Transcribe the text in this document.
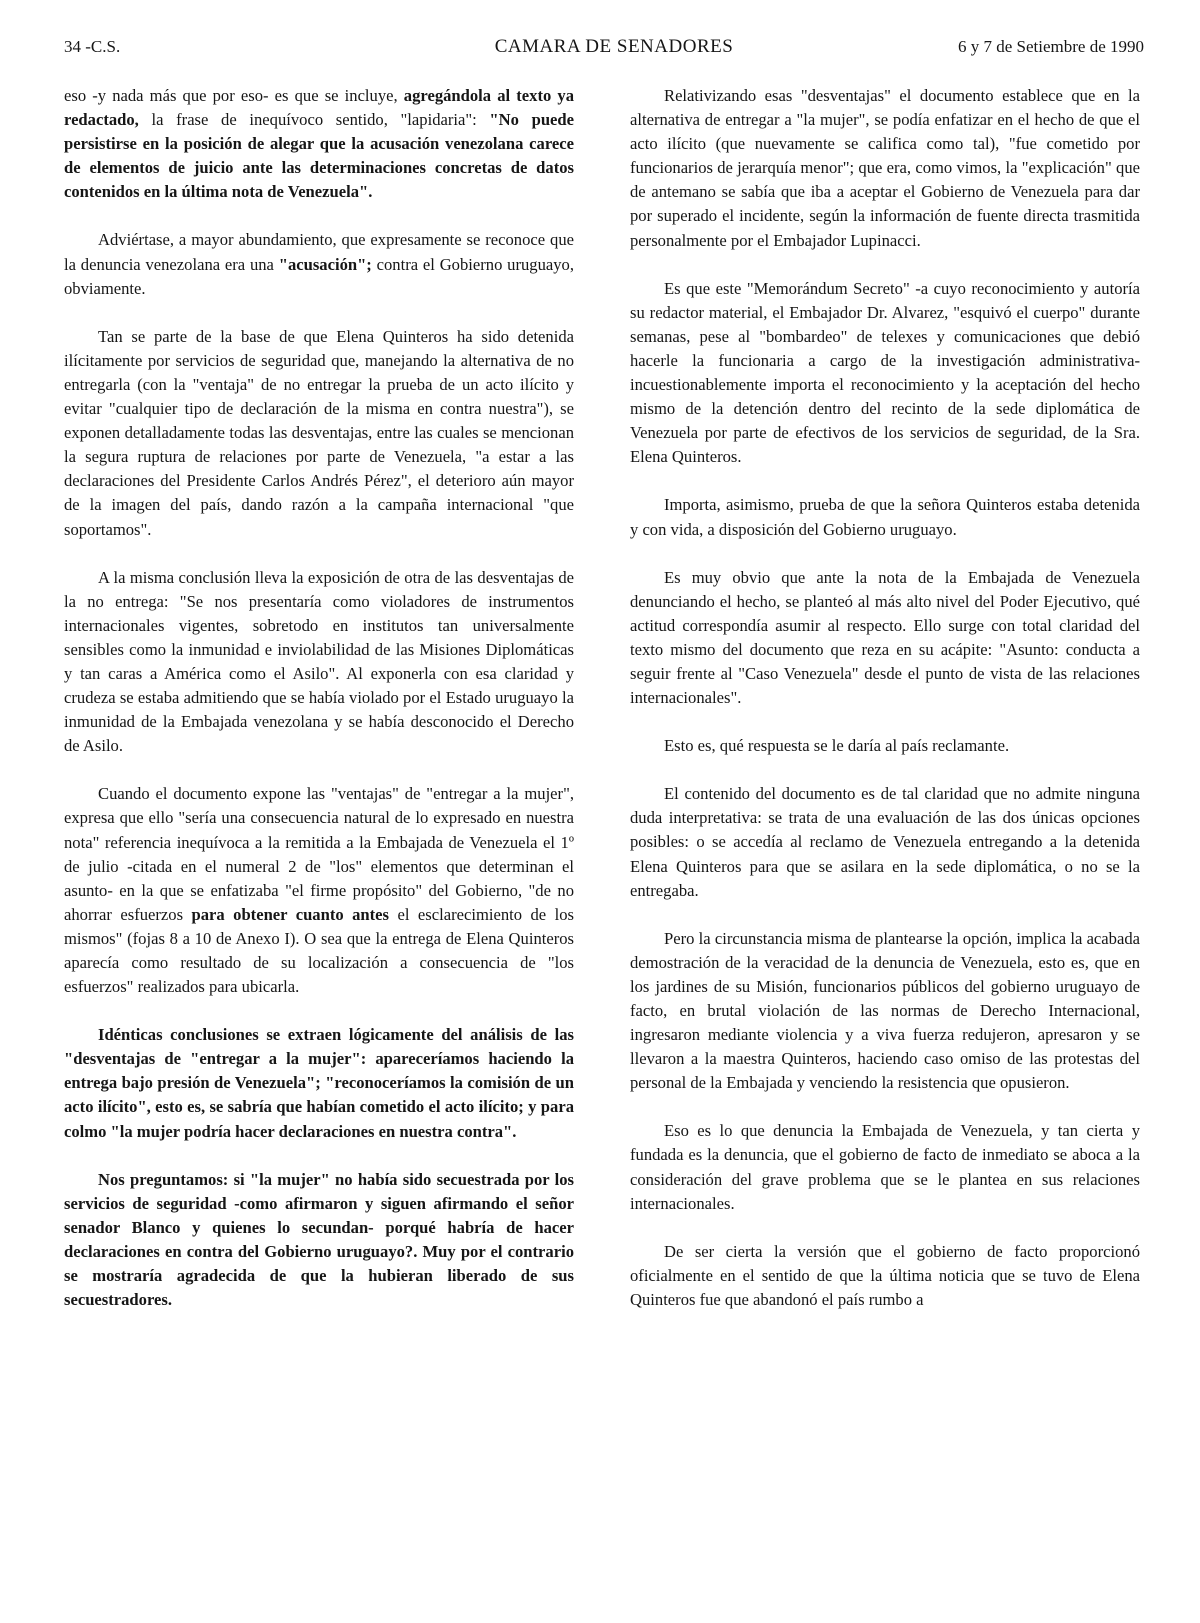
34 -C.S.	CAMARA DE SENADORES	6 y 7 de Setiembre de 1990

eso -y nada más que por eso- es que se incluye, agregándola al texto ya redactado, la frase de inequívoco sentido, "lapidaria": "No puede persistirse en la posición de alegar que la acusación venezolana carece de elementos de juicio ante las determinaciones concretas de datos contenidos en la última nota de Venezuela".

Adviértase, a mayor abundamiento, que expresamente se reconoce que la denuncia venezolana era una "acusación"; contra el Gobierno uruguayo, obviamente.

Tan se parte de la base de que Elena Quinteros ha sido detenida ilícitamente por servicios de seguridad que, manejando la alternativa de no entregarla (con la "ventaja" de no entregar la prueba de un acto ilícito y evitar "cualquier tipo de declaración de la misma en contra nuestra"), se exponen detalladamente todas las desventajas, entre las cuales se mencionan la segura ruptura de relaciones por parte de Venezuela, "a estar a las declaraciones del Presidente Carlos Andrés Pérez", el deterioro aún mayor de la imagen del país, dando razón a la campaña internacional "que soportamos".

A la misma conclusión lleva la exposición de otra de las desventajas de la no entrega: "Se nos presentaría como violadores de instrumentos internacionales vigentes, sobretodo en institutos tan universalmente sensibles como la inmunidad e inviolabilidad de las Misiones Diplomáticas y tan caras a América como el Asilo". Al exponerla con esa claridad y crudeza se estaba admitiendo que se había violado por el Estado uruguayo la inmunidad de la Embajada venezolana y se había desconocido el Derecho de Asilo.

Cuando el documento expone las "ventajas" de "entregar a la mujer", expresa que ello "sería una consecuencia natural de lo expresado en nuestra nota" referencia inequívoca a la remitida a la Embajada de Venezuela el 1º de julio -citada en el numeral 2 de "los" elementos que determinan el asunto- en la que se enfatizaba "el firme propósito" del Gobierno, "de no ahorrar esfuerzos para obtener cuanto antes el esclarecimiento de los mismos" (fojas 8 a 10 de Anexo I). O sea que la entrega de Elena Quinteros aparecía como resultado de su localización a consecuencia de "los esfuerzos" realizados para ubicarla.

Idénticas conclusiones se extraen lógicamente del análisis de las "desventajas de "entregar a la mujer": apareceríamos haciendo la entrega bajo presión de Venezuela"; "reconoceríamos la comisión de un acto ilícito", esto es, se sabría que habían cometido el acto ilícito; y para colmo "la mujer podría hacer declaraciones en nuestra contra".

Nos preguntamos: si "la mujer" no había sido secuestrada por los servicios de seguridad -como afirmaron y siguen afirmando el señor senador Blanco y quienes lo secundan- porqué habría de hacer declaraciones en contra del Gobierno uruguayo?. Muy por el contrario se mostraría agradecida de que la hubieran liberado de sus secuestradores.

Relativizando esas "desventajas" el documento establece que en la alternativa de entregar a "la mujer", se podía enfatizar en el hecho de que el acto ilícito (que nuevamente se califica como tal), "fue cometido por funcionarios de jerarquía menor"; que era, como vimos, la "explicación" que de antemano se sabía que iba a aceptar el Gobierno de Venezuela para dar por superado el incidente, según la información de fuente directa trasmitida personalmente por el Embajador Lupinacci.

Es que este "Memorándum Secreto" -a cuyo reconocimiento y autoría su redactor material, el Embajador Dr. Alvarez, "esquivó el cuerpo" durante semanas, pese al "bombardeo" de telexes y comunicaciones que debió hacerle la funcionaria a cargo de la investigación administrativa- incuestionablemente importa el reconocimiento y la aceptación del hecho mismo de la detención dentro del recinto de la sede diplomática de Venezuela por parte de efectivos de los servicios de seguridad, de la Sra. Elena Quinteros.

Importa, asimismo, prueba de que la señora Quinteros estaba detenida y con vida, a disposición del Gobierno uruguayo.

Es muy obvio que ante la nota de la Embajada de Venezuela denunciando el hecho, se planteó al más alto nivel del Poder Ejecutivo, qué actitud correspondía asumir al respecto. Ello surge con total claridad del texto mismo del documento que reza en su acápite: "Asunto: conducta a seguir frente al "Caso Venezuela" desde el punto de vista de las relaciones internacionales".

Esto es, qué respuesta se le daría al país reclamante.

El contenido del documento es de tal claridad que no admite ninguna duda interpretativa: se trata de una evaluación de las dos únicas opciones posibles: o se accedía al reclamo de Venezuela entregando a la detenida Elena Quinteros para que se asilara en la sede diplomática, o no se la entregaba.

Pero la circunstancia misma de plantearse la opción, implica la acabada demostración de la veracidad de la denuncia de Venezuela, esto es, que en los jardines de su Misión, funcionarios públicos del gobierno uruguayo de facto, en brutal violación de las normas de Derecho Internacional, ingresaron mediante violencia y a viva fuerza redujeron, apresaron y se llevaron a la maestra Quinteros, haciendo caso omiso de las protestas del personal de la Embajada y venciendo la resistencia que opusieron.

Eso es lo que denuncia la Embajada de Venezuela, y tan cierta y fundada es la denuncia, que el gobierno de facto de inmediato se aboca a la consideración del grave problema que se le plantea en sus relaciones internacionales.

De ser cierta la versión que el gobierno de facto proporcionó oficialmente en el sentido de que la última noticia que se tuvo de Elena Quinteros fue que abandonó el país rumbo a
